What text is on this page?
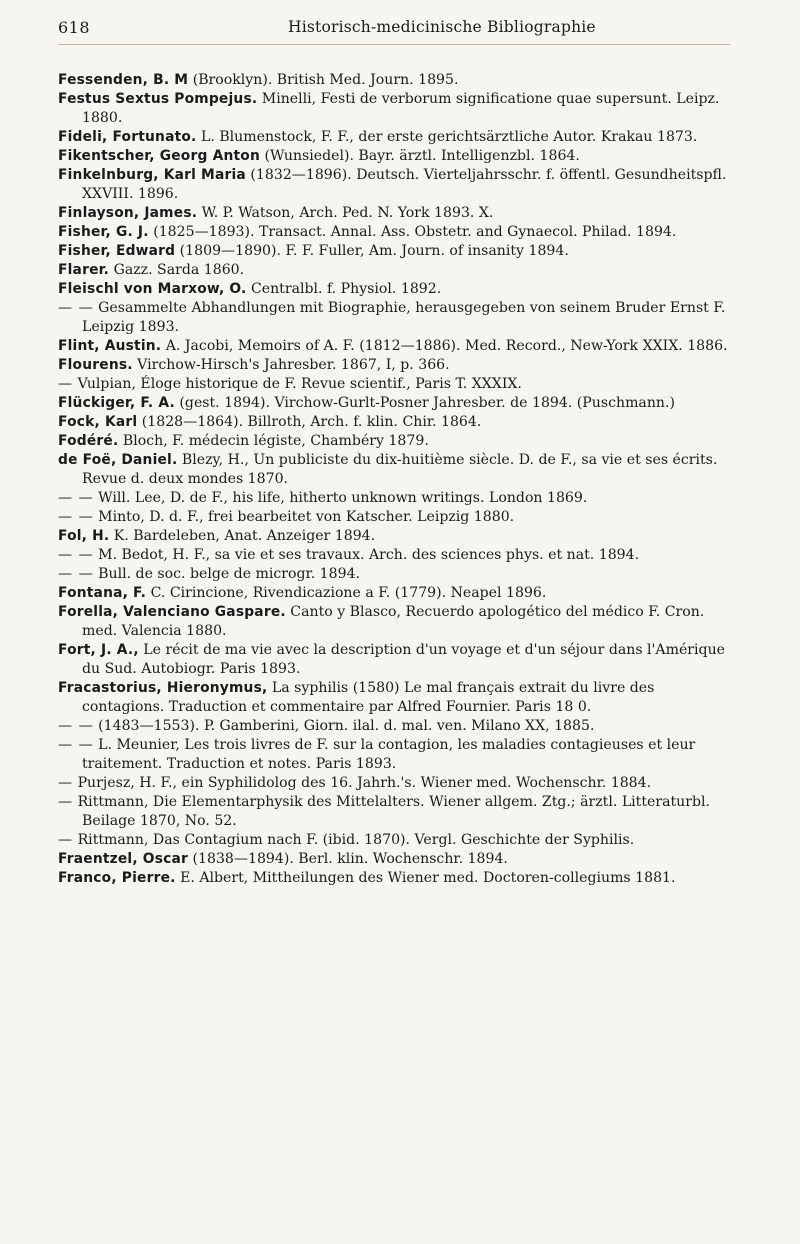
618	Historisch-medicinische Bibliographie

Fessenden, B. M (Brooklyn). British Med. Journ. 1895.

Festus Sextus Pompejus. Minelli, Festi de verborum significatione quae supersunt. Leipz. 1880.

Fideli, Fortunato. L. Blumenstock, F. F., der erste gerichtsärztliche Autor. Krakau 1873.

Fikentscher, Georg Anton (Wunsiedel). Bayr. ärztl. Intelligenzbl. 1864.

Finkelnburg, Karl Maria (1832—1896). Deutsch. Vierteljahrsschr. f. öffentl. Gesundheitspfl. XXVIII. 1896.

Finlayson, James. W. P. Watson, Arch. Ped. N. York 1893. X.

Fisher, G. J. (1825—1893). Transact. Annal. Ass. Obstetr. and Gynaecol. Philad. 1894.

Fisher, Edward (1809—1890). F. F. Fuller, Am. Journ. of insanity 1894.

Flarer. Gazz. Sarda 1860.

Fleischl von Marxow, O. Centralbl. f. Physiol. 1892.

— — Gesammelte Abhandlungen mit Biographie, herausgegeben von seinem Bruder Ernst F. Leipzig 1893.

Flint, Austin. A. Jacobi, Memoirs of A. F. (1812—1886). Med. Record., New-York XXIX. 1886.

Flourens. Virchow-Hirsch's Jahresber. 1867, I, p. 366.

— Vulpian, Éloge historique de F. Revue scientif., Paris T. XXXIX.

Flückiger, F. A. (gest. 1894). Virchow-Gurlt-Posner Jahresber. de 1894. (Puschmann.)

Fock, Karl (1828—1864). Billroth, Arch. f. klin. Chir. 1864.

Fodéré. Bloch, F. médecin légiste, Chambéry 1879.

de Foë, Daniel. Blezy, H., Un publiciste du dix-huitième siècle. D. de F., sa vie et ses écrits. Revue d. deux mondes 1870.

— — Will. Lee, D. de F., his life, hitherto unknown writings. London 1869.

— — Minto, D. d. F., frei bearbeitet von Katscher. Leipzig 1880.

Fol, H. K. Bardeleben, Anat. Anzeiger 1894.

— — M. Bedot, H. F., sa vie et ses travaux. Arch. des sciences phys. et nat. 1894.

— — Bull. de soc. belge de microgr. 1894.

Fontana, F. C. Cirincione, Rivendicazione a F. (1779). Neapel 1896.

Forella, Valenciano Gaspare. Canto y Blasco, Recuerdo apologético del médico F. Cron. med. Valencia 1880.

Fort, J. A., Le récit de ma vie avec la description d'un voyage et d'un séjour dans l'Amérique du Sud. Autobiogr. Paris 1893.

Fracastorius, Hieronymus, La syphilis (1580) Le mal français extrait du livre des contagions. Traduction et commentaire par Alfred Fournier. Paris 18 0.

— — (1483—1553). P. Gamberini, Giorn. ilal. d. mal. ven. Milano XX, 1885.

— — L. Meunier, Les trois livres de F. sur la contagion, les maladies contagieuses et leur traitement. Traduction et notes. Paris 1893.

— Purjesz, H. F., ein Syphilidolog des 16. Jahrh.'s. Wiener med. Wochenschr. 1884.

— Rittmann, Die Elementarphysik des Mittelalters. Wiener allgem. Ztg.; ärztl. Litteraturbl. Beilage 1870, No. 52.

— Rittmann, Das Contagium nach F. (ibid. 1870). Vergl. Geschichte der Syphilis.

Fraentzel, Oscar (1838—1894). Berl. klin. Wochenschr. 1894.

Franco, Pierre. E. Albert, Mittheilungen des Wiener med. Doctoren-collegiums 1881.
